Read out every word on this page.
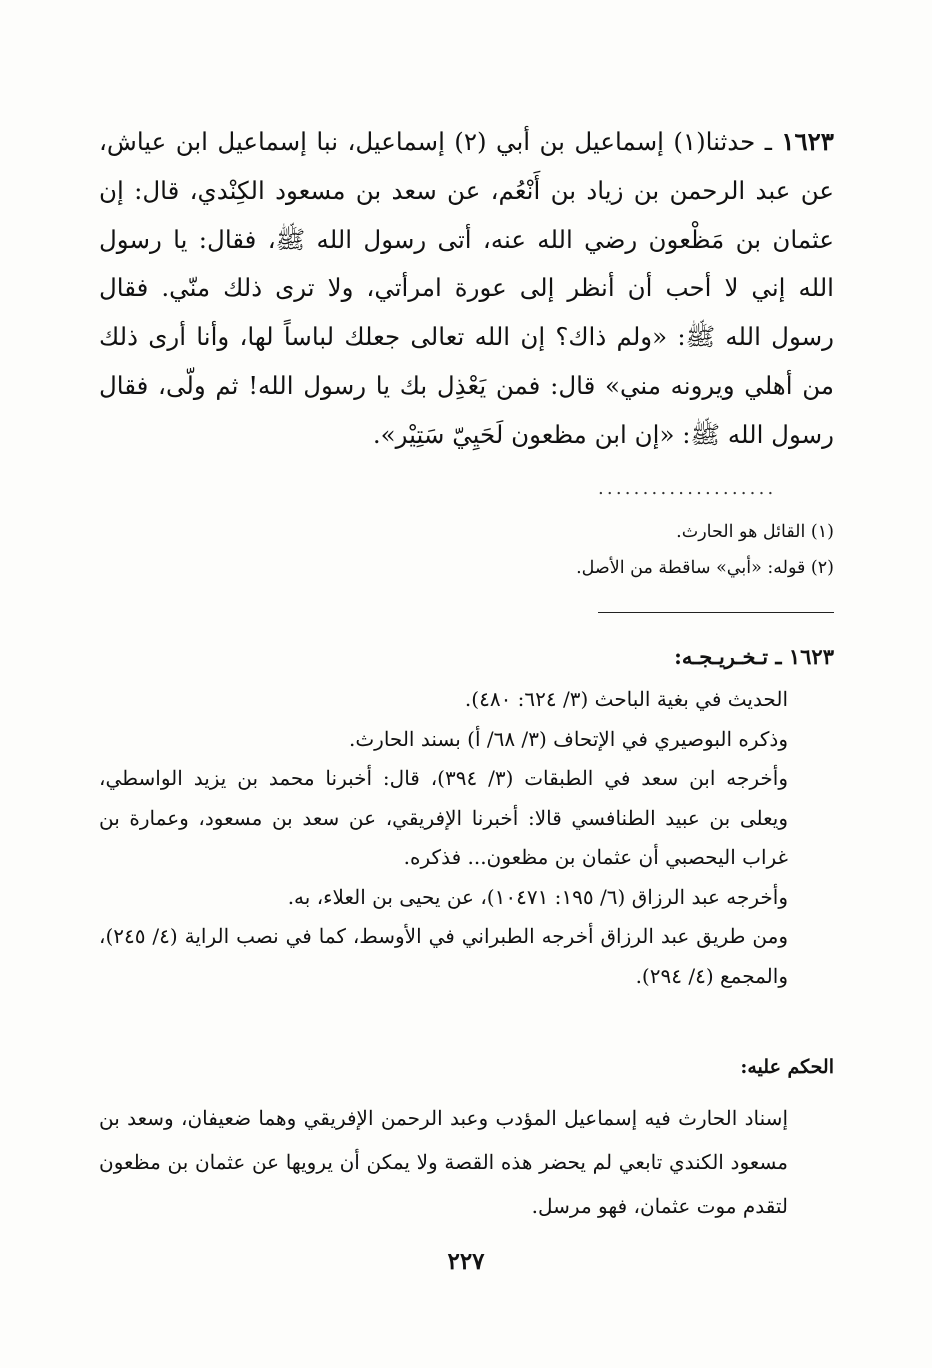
١٦٢٣ ـ حدثنا(١) إسماعيل بن أبي (٢) إسماعيل، نبا إسماعيل ابن عياش، عن عبد الرحمن بن زياد بن أَنْعُم، عن سعد بن مسعود الكِنْدي، قال: إن عثمان بن مَظْعون رضي الله عنه، أتى رسول الله ﷺ، فقال: يا رسول الله إني لا أحب أن أنظر إلى عورة امرأتي، ولا ترى ذلك منّي. فقال رسول الله ﷺ: «ولم ذاك؟ إن الله تعالى جعلك لباساً لها، وأنا أرى ذلك من أهلي ويرونه مني» قال: فمن يَعْذِل بك يا رسول الله! ثم ولّى، فقال رسول الله ﷺ: «إن ابن مظعون لَحَيِيّ سَتِيْر».
....................
(١) القائل هو الحارث.
(٢) قوله: «أبي» ساقطة من الأصل.
١٦٢٣ ـ تـخـريـجـه:

الحديث في بغية الباحث (٣/ ٦٢٤: ٤٨٠).

وذكره البوصيري في الإتحاف (٣/ ٦٨/ أ) بسند الحارث.

وأخرجه ابن سعد في الطبقات (٣/ ٣٩٤)، قال: أخبرنا محمد بن يزيد الواسطي، ويعلى بن عبيد الطنافسي قالا: أخبرنا الإفريقي، عن سعد بن مسعود، وعمارة بن غراب اليحصبي أن عثمان بن مظعون... فذكره.

وأخرجه عبد الرزاق (٦/ ١٩٥: ١٠٤٧١)، عن يحيى بن العلاء، به.

ومن طريق عبد الرزاق أخرجه الطبراني في الأوسط، كما في نصب الراية (٤/ ٢٤٥)، والمجمع (٤/ ٢٩٤).

الحكم عليه:

إسناد الحارث فيه إسماعيل المؤدب وعبد الرحمن الإفريقي وهما ضعيفان، وسعد بن مسعود الكندي تابعي لم يحضر هذه القصة ولا يمكن أن يرويها عن عثمان بن مظعون لتقدم موت عثمان، فهو مرسل.

٢٢٧
